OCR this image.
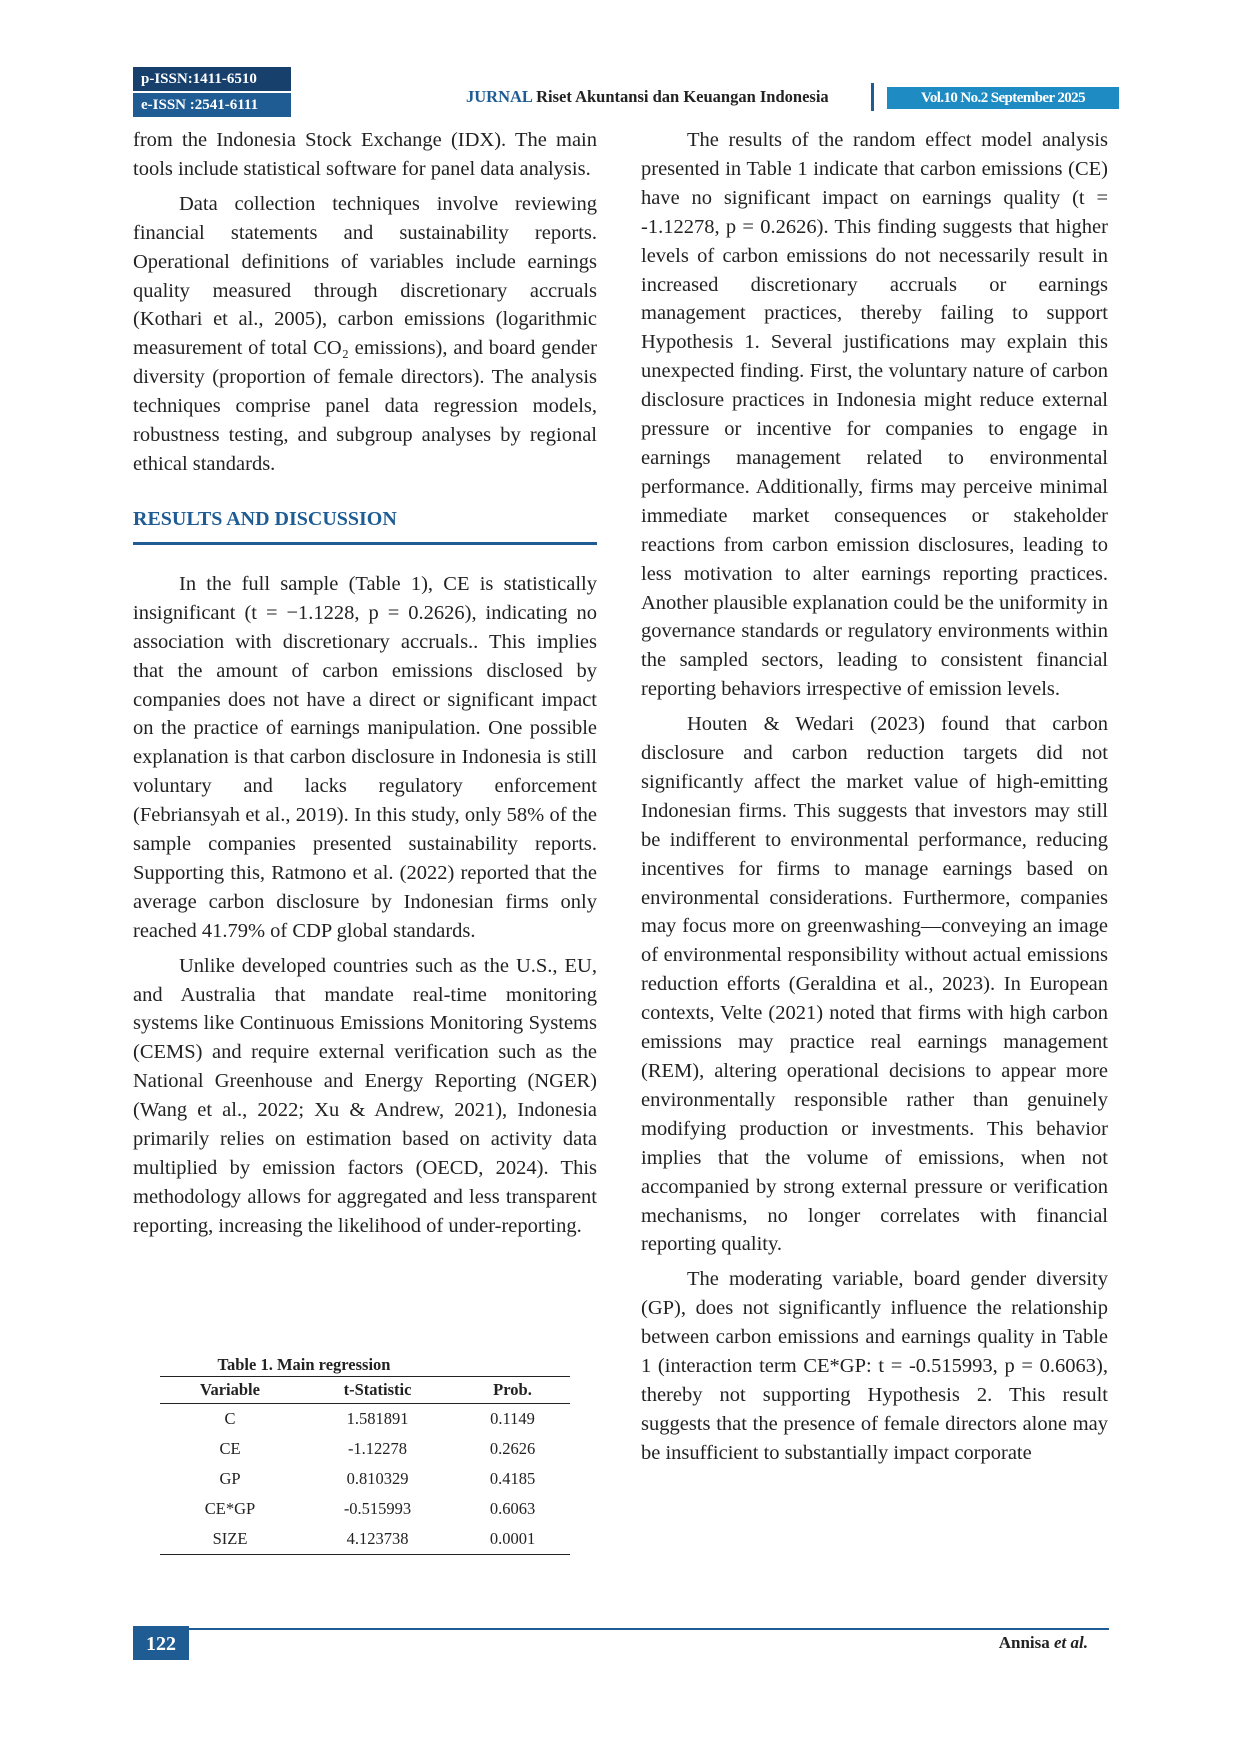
p-ISSN:1411-6510
e-ISSN :2541-6111	JURNAL Riset Akuntansi dan Keuangan Indonesia	Vol.10 No.2 September 2025

from the Indonesia Stock Exchange (IDX). The main tools include statistical software for panel data analysis.

Data collection techniques involve reviewing financial statements and sustainability reports. Operational definitions of variables include earnings quality measured through discretionary accruals (Kothari et al., 2005), carbon emissions (logarithmic measurement of total CO₂ emissions), and board gender diversity (proportion of female directors). The analysis techniques comprise panel data regression models, robustness testing, and subgroup analyses by regional ethical standards.

RESULTS AND DISCUSSION

In the full sample (Table 1), CE is statistically insignificant (t = −1.1228, p = 0.2626), indicating no association with discretionary accruals.. This implies that the amount of carbon emissions disclosed by companies does not have a direct or significant impact on the practice of earnings manipulation. One possible explanation is that carbon disclosure in Indonesia is still voluntary and lacks regulatory enforcement (Febriansyah et al., 2019). In this study, only 58% of the sample companies presented sustainability reports. Supporting this, Ratmono et al. (2022) reported that the average carbon disclosure by Indonesian firms only reached 41.79% of CDP global standards.

Unlike developed countries such as the U.S., EU, and Australia that mandate real-time monitoring systems like Continuous Emissions Monitoring Systems (CEMS) and require external verification such as the National Greenhouse and Energy Reporting (NGER) (Wang et al., 2022; Xu & Andrew, 2021), Indonesia primarily relies on estimation based on activity data multiplied by emission factors (OECD, 2024). This methodology allows for aggregated and less transparent reporting, increasing the likelihood of under-reporting.

Table 1. Main regression
Variable	t-Statistic	Prob.
C	1.581891	0.1149
CE	-1.12278	0.2626
GP	0.810329	0.4185
CE*GP	-0.515993	0.6063
SIZE	4.123738	0.0001

The results of the random effect model analysis presented in Table 1 indicate that carbon emissions (CE) have no significant impact on earnings quality (t = -1.12278, p = 0.2626). This finding suggests that higher levels of carbon emissions do not necessarily result in increased discretionary accruals or earnings management practices, thereby failing to support Hypothesis 1. Several justifications may explain this unexpected finding. First, the voluntary nature of carbon disclosure practices in Indonesia might reduce external pressure or incentive for companies to engage in earnings management related to environmental performance. Additionally, firms may perceive minimal immediate market consequences or stakeholder reactions from carbon emission disclosures, leading to less motivation to alter earnings reporting practices. Another plausible explanation could be the uniformity in governance standards or regulatory environments within the sampled sectors, leading to consistent financial reporting behaviors irrespective of emission levels.

Houten & Wedari (2023) found that carbon disclosure and carbon reduction targets did not significantly affect the market value of high-emitting Indonesian firms. This suggests that investors may still be indifferent to environmental performance, reducing incentives for firms to manage earnings based on environmental considerations. Furthermore, companies may focus more on greenwashing—conveying an image of environmental responsibility without actual emissions reduction efforts (Geraldina et al., 2023). In European contexts, Velte (2021) noted that firms with high carbon emissions may practice real earnings management (REM), altering operational decisions to appear more environmentally responsible rather than genuinely modifying production or investments. This behavior implies that the volume of emissions, when not accompanied by strong external pressure or verification mechanisms, no longer correlates with financial reporting quality.

The moderating variable, board gender diversity (GP), does not significantly influence the relationship between carbon emissions and earnings quality in Table 1 (interaction term CE*GP: t = -0.515993, p = 0.6063), thereby not supporting Hypothesis 2. This result suggests that the presence of female directors alone may be insufficient to substantially impact corporate

122	Annisa et al.
